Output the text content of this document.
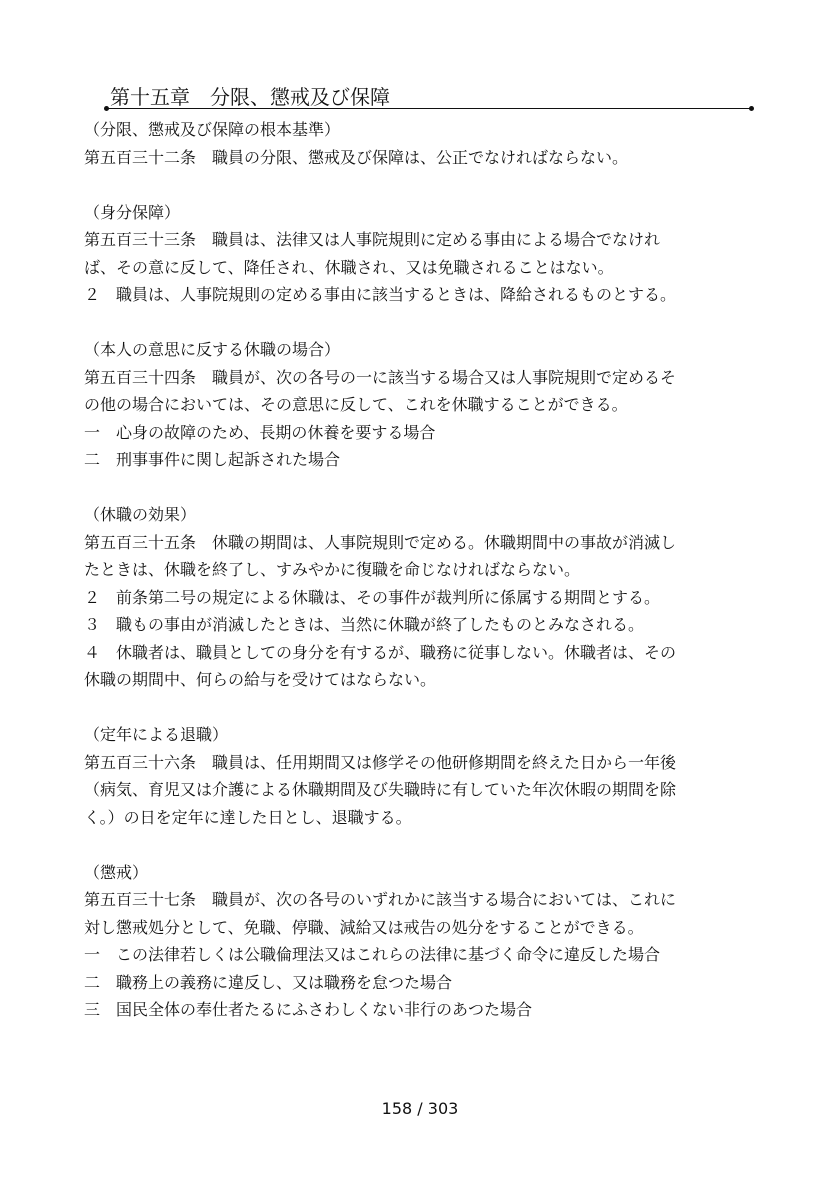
第十五章　分限、懲戒及び保障
（分限、懲戒及び保障の根本基準）
第五百三十二条　職員の分限、懲戒及び保障は、公正でなければならない。
（身分保障）
第五百三十三条　職員は、法律又は人事院規則に定める事由による場合でなけれ
ば、その意に反して、降任され、休職され、又は免職されることはない。
２　職員は、人事院規則の定める事由に該当するときは、降給されるものとする。
（本人の意思に反する休職の場合）
第五百三十四条　職員が、次の各号の一に該当する場合又は人事院規則で定めるそ
の他の場合においては、その意思に反して、これを休職することができる。
一　心身の故障のため、長期の休養を要する場合
二　刑事事件に関し起訴された場合
（休職の効果）
第五百三十五条　休職の期間は、人事院規則で定める。休職期間中の事故が消滅し
たときは、休職を終了し、すみやかに復職を命じなければならない。
２　前条第二号の規定による休職は、その事件が裁判所に係属する期間とする。
３　職もの事由が消滅したときは、当然に休職が終了したものとみなされる。
４　休職者は、職員としての身分を有するが、職務に従事しない。休職者は、その
休職の期間中、何らの給与を受けてはならない。
（定年による退職）
第五百三十六条　職員は、任用期間又は修学その他研修期間を終えた日から一年後
（病気、育児又は介護による休職期間及び失職時に有していた年次休暇の期間を除
く。）の日を定年に達した日とし、退職する。
（懲戒）
第五百三十七条　職員が、次の各号のいずれかに該当する場合においては、これに
対し懲戒処分として、免職、停職、減給又は戒告の処分をすることができる。
一　この法律若しくは公職倫理法又はこれらの法律に基づく命令に違反した場合
二　職務上の義務に違反し、又は職務を怠つた場合
三　国民全体の奉仕者たるにふさわしくない非行のあつた場合
158 / 303
